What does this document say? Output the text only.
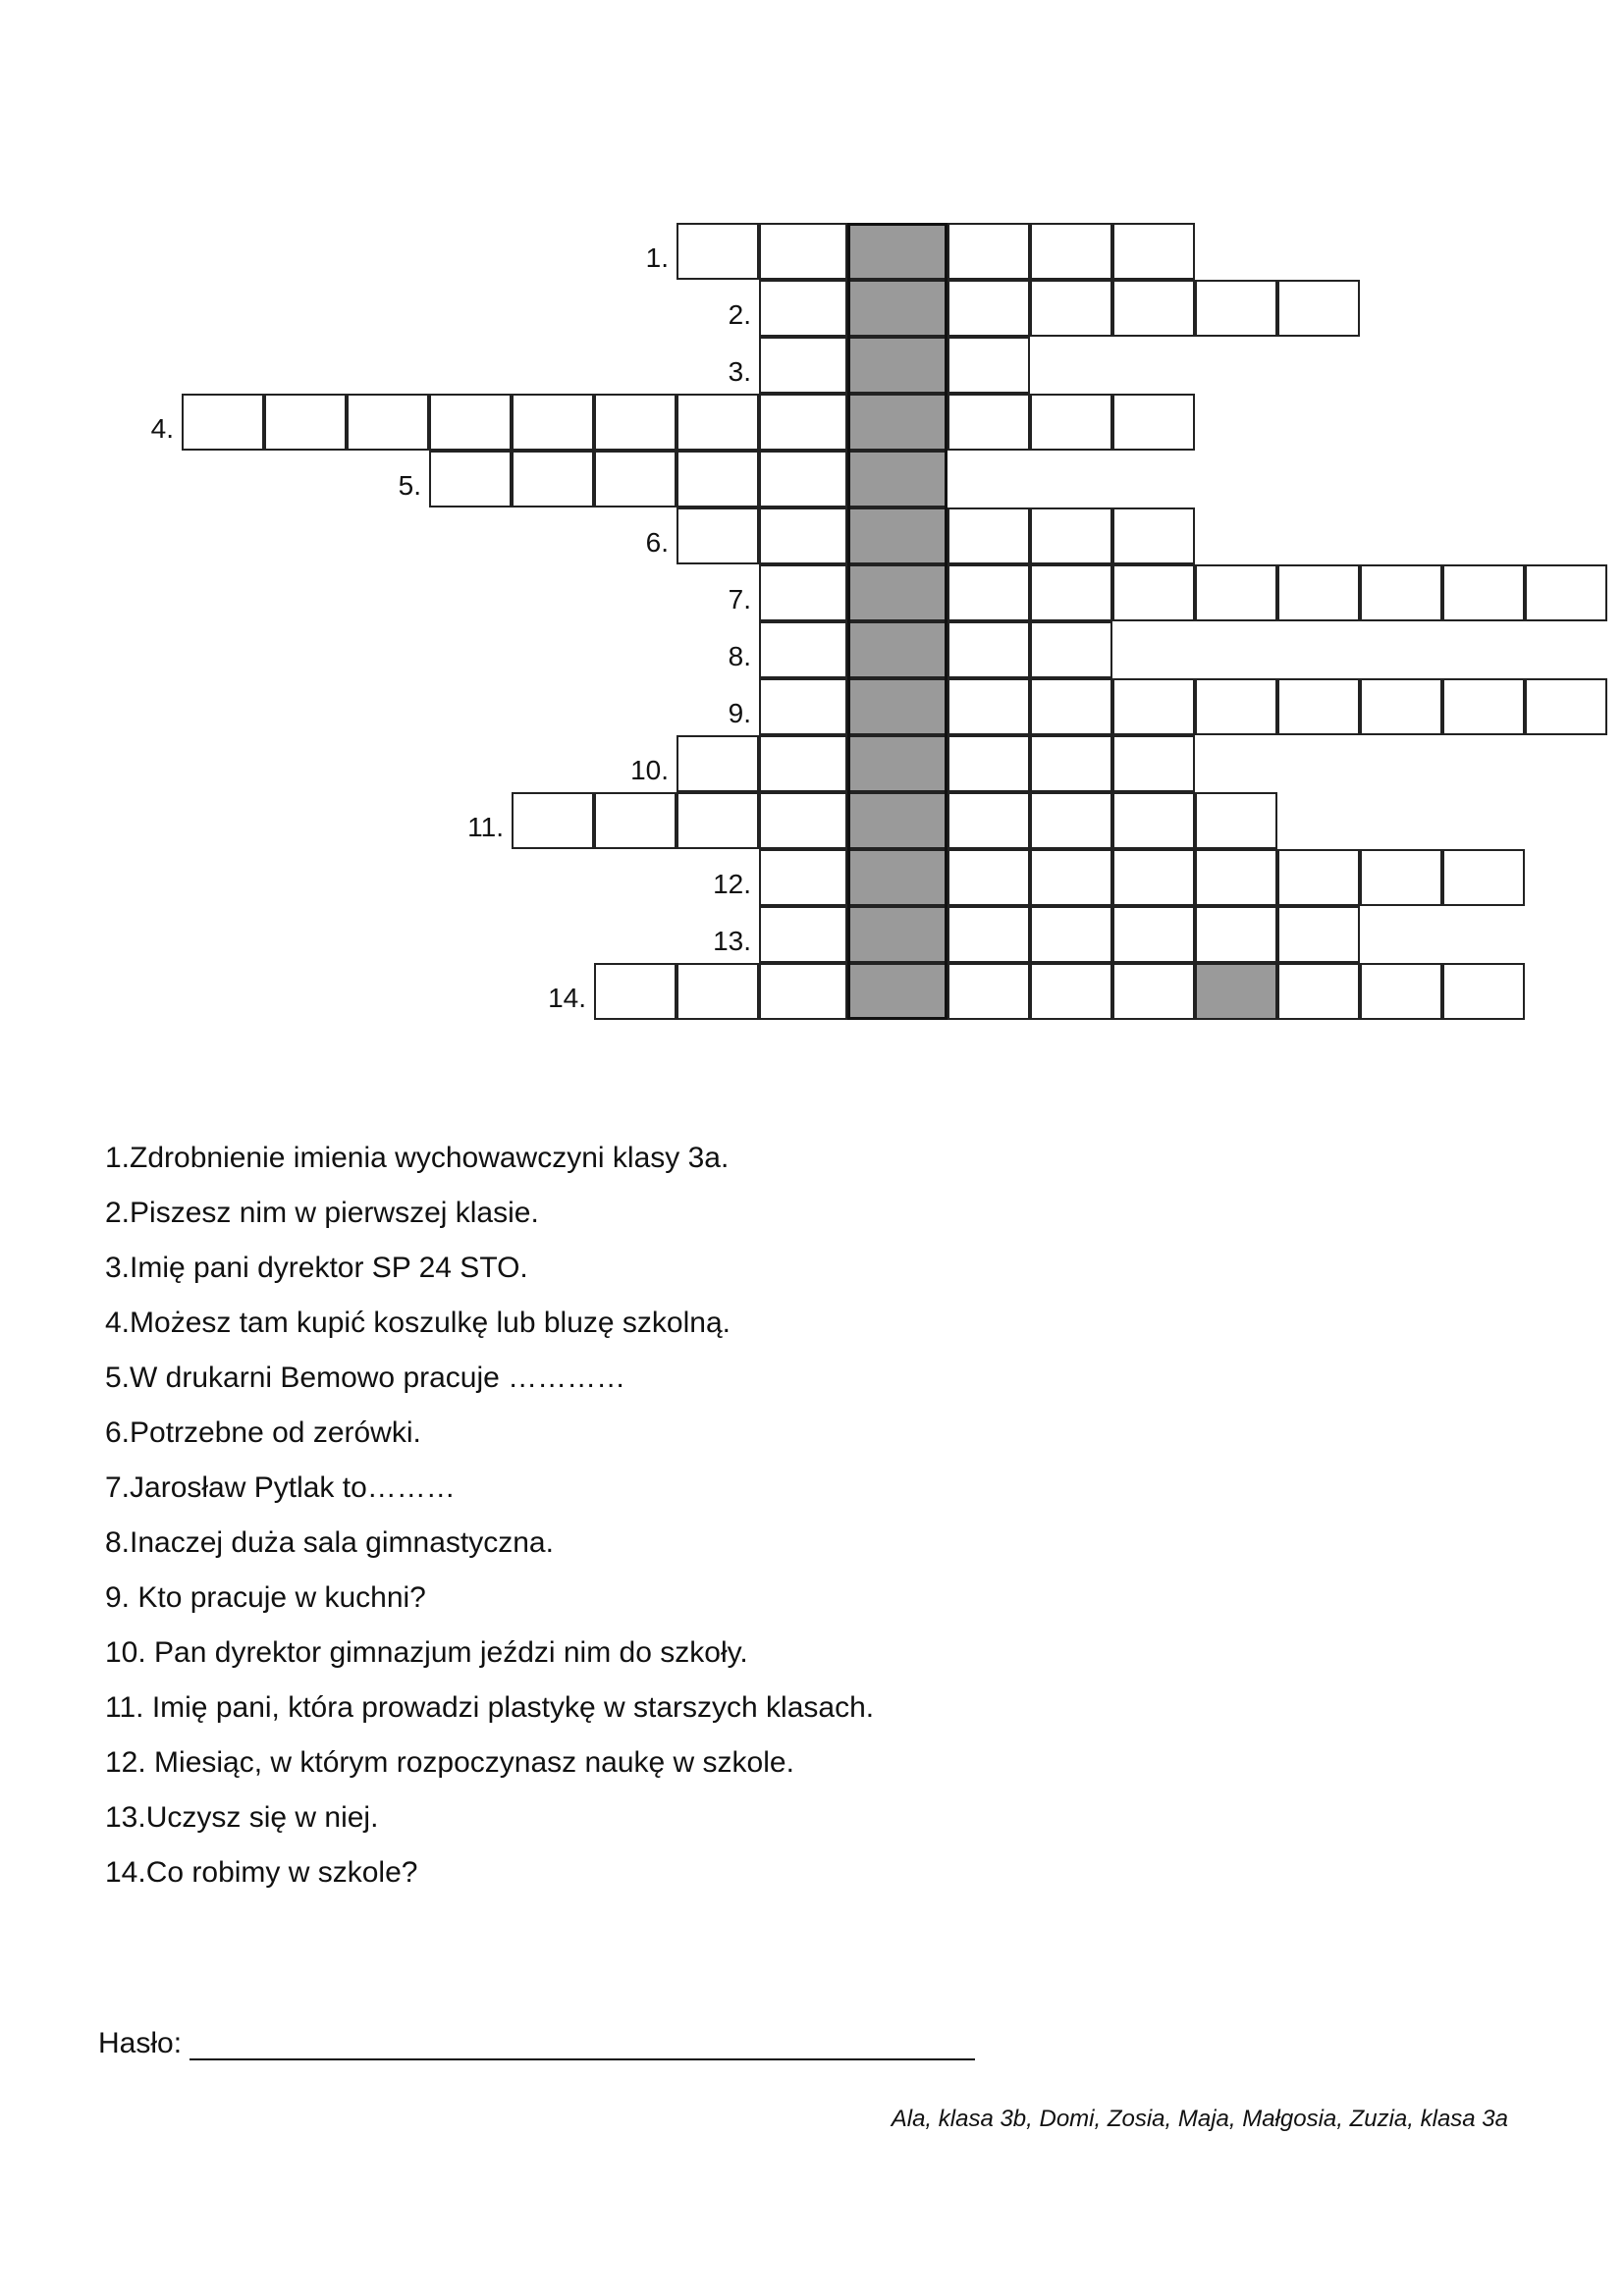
1.
2.
3.
4.
5.
6.
7.
8.
9.
10.
11.
12.
13.
14.
1.Zdrobnienie imienia wychowawczyni klasy 3a.
2.Piszesz nim w pierwszej klasie.
3.Imię pani dyrektor SP 24 STO.
4.Możesz tam kupić koszulkę lub bluzę szkolną.
5.W drukarni Bemowo pracuje …………
6.Potrzebne od zerówki.
7.Jarosław Pytlak to………
8.Inaczej duża sala gimnastyczna.
9. Kto pracuje w kuchni?
10. Pan dyrektor gimnazjum jeździ nim do szkoły.
11. Imię pani, która prowadzi plastykę w starszych klasach.
12. Miesiąc, w którym rozpoczynasz naukę w szkole.
13.Uczysz się w niej.
14.Co robimy w szkole?
Hasło:
Ala, klasa 3b, Domi, Zosia, Maja, Małgosia, Zuzia, klasa 3a
